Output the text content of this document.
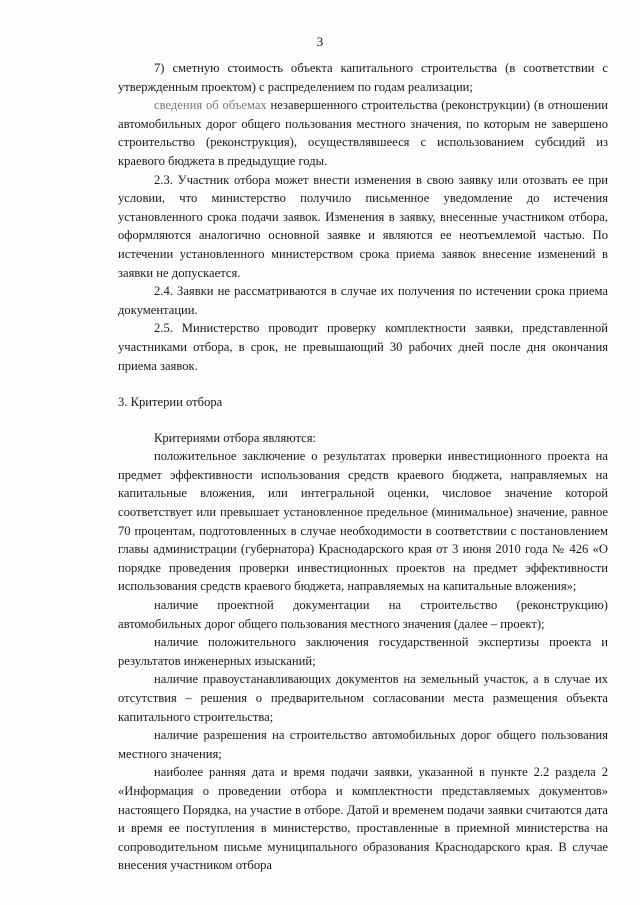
3

7) сметную стоимость объекта капитального строительства (в соответствии с утвержденным проектом) с распределением по годам реализации;

сведения об объемах незавершенного строительства (реконструкции) (в отношении автомобильных дорог общего пользования местного значения, по которым не завершено строительство (реконструкция), осуществлявшееся с использованием субсидий из краевого бюджета в предыдущие годы.

2.3. Участник отбора может внести изменения в свою заявку или отозвать ее при условии, что министерство получило письменное уведомление до истечения установленного срока подачи заявок. Изменения в заявку, внесенные участником отбора, оформляются аналогично основной заявке и являются ее неотъемлемой частью. По истечении установленного министерством срока приема заявок внесение изменений в заявки не допускается.

2.4. Заявки не рассматриваются в случае их получения по истечении срока приема документации.

2.5. Министерство проводит проверку комплектности заявки, представленной участниками отбора, в срок, не превышающий 30 рабочих дней после дня окончания приема заявок.

3. Критерии отбора

Критериями отбора являются:

положительное заключение о результатах проверки инвестиционного проекта на предмет эффективности использования средств краевого бюджета, направляемых на капитальные вложения, или интегральной оценки, числовое значение которой соответствует или превышает установленное предельное (минимальное) значение, равное 70 процентам, подготовленных в случае необходимости в соответствии с постановлением главы администрации (губернатора) Краснодарского края от 3 июня 2010 года № 426 «О порядке проведения проверки инвестиционных проектов на предмет эффективности использования средств краевого бюджета, направляемых на капитальные вложения»;

наличие проектной документации на строительство (реконструкцию) автомобильных дорог общего пользования местного значения (далее – проект);

наличие положительного заключения государственной экспертизы проекта и результатов инженерных изысканий;

наличие правоустанавливающих документов на земельный участок, а в случае их отсутствия – решения о предварительном согласовании места размещения объекта капитального строительства;

наличие разрешения на строительство автомобильных дорог общего пользования местного значения;

наиболее ранняя дата и время подачи заявки, указанной в пункте 2.2 раздела 2 «Информация о проведении отбора и комплектности представляемых документов» настоящего Порядка, на участие в отборе. Датой и временем подачи заявки считаются дата и время ее поступления в министерство, проставленные в приемной министерства на сопроводительном письме муниципального образования Краснодарского края. В случае внесения участником отбора
